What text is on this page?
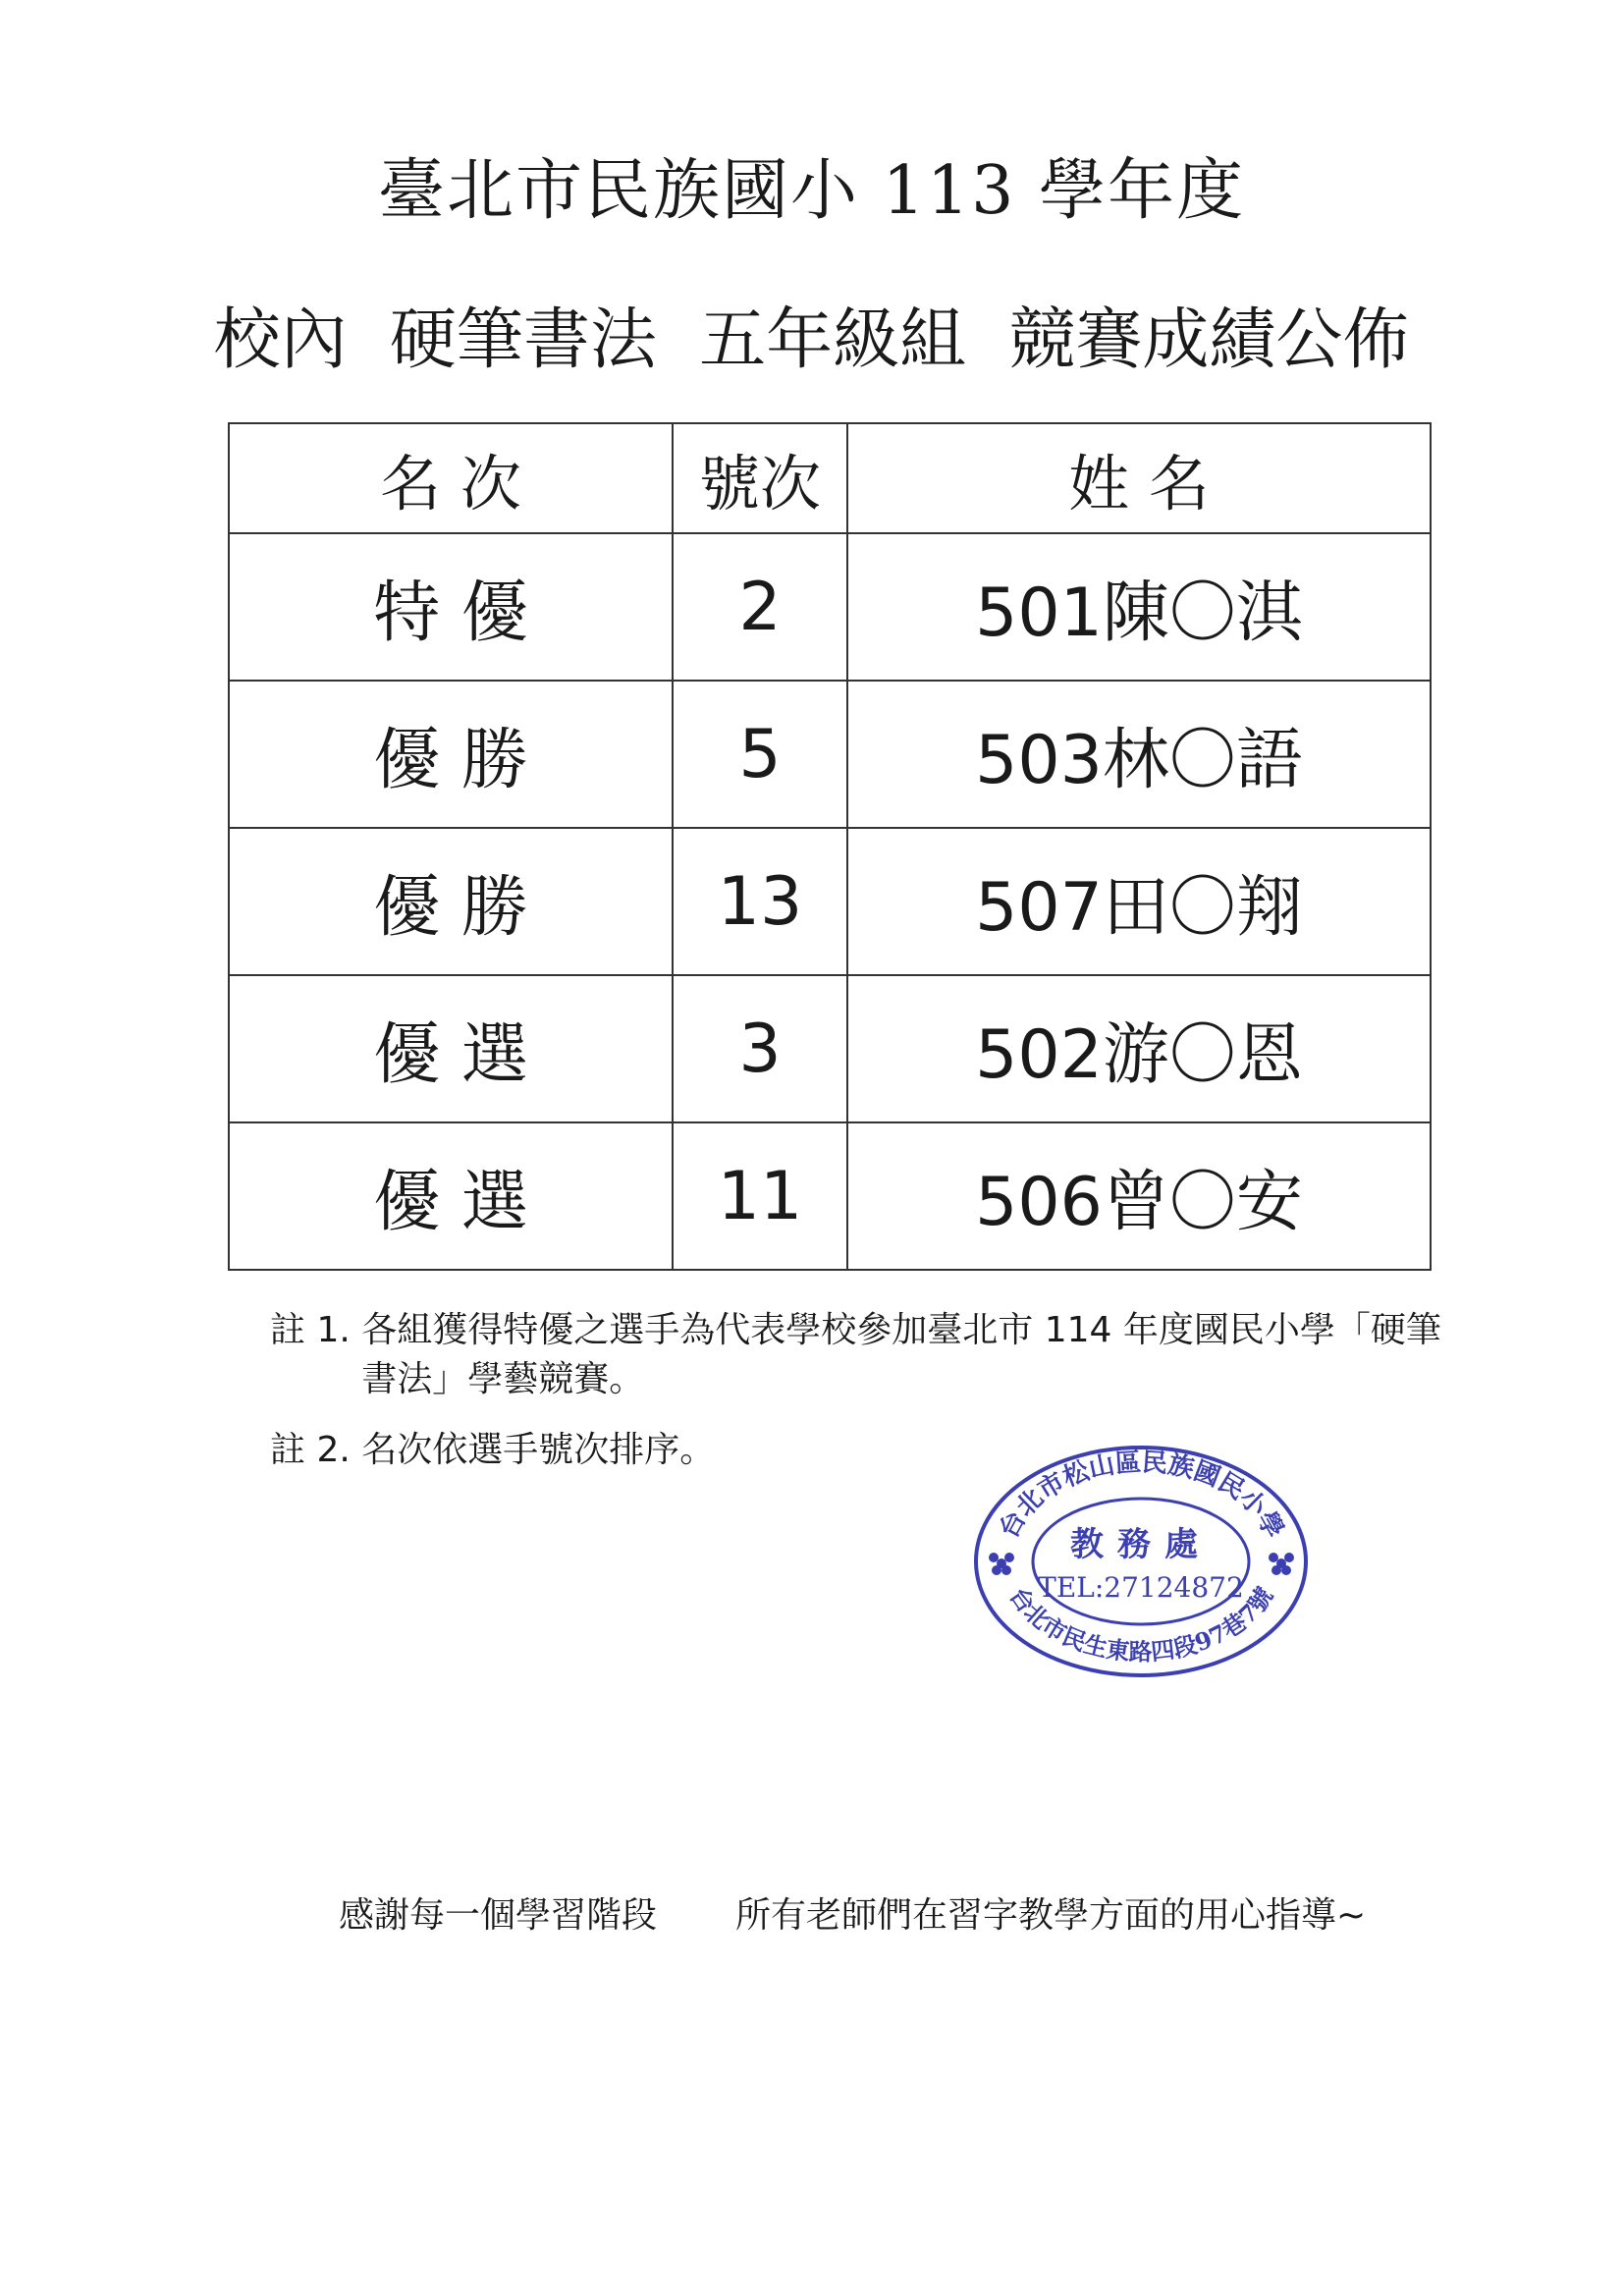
臺北市民族國小 113 學年度
校內  硬筆書法  五年級組  競賽成績公佈
名 次	號次	姓 名
特 優	2	501陳〇淇
優 勝	5	503林〇語
優 勝	13	507田〇翔
優 選	3	502游〇恩
優 選	11	506曾〇安
註 1. 各組獲得特優之選手為代表學校參加臺北市 114 年度國民小學「硬筆書法」學藝競賽。
註 2. 名次依選手號次排序。
台北市松山區民族國民小學
台北市民生東路四段97巷7號
教務處
TEL:27124872
感謝每一個學習階段 所有老師們在習字教學方面的用心指導~
